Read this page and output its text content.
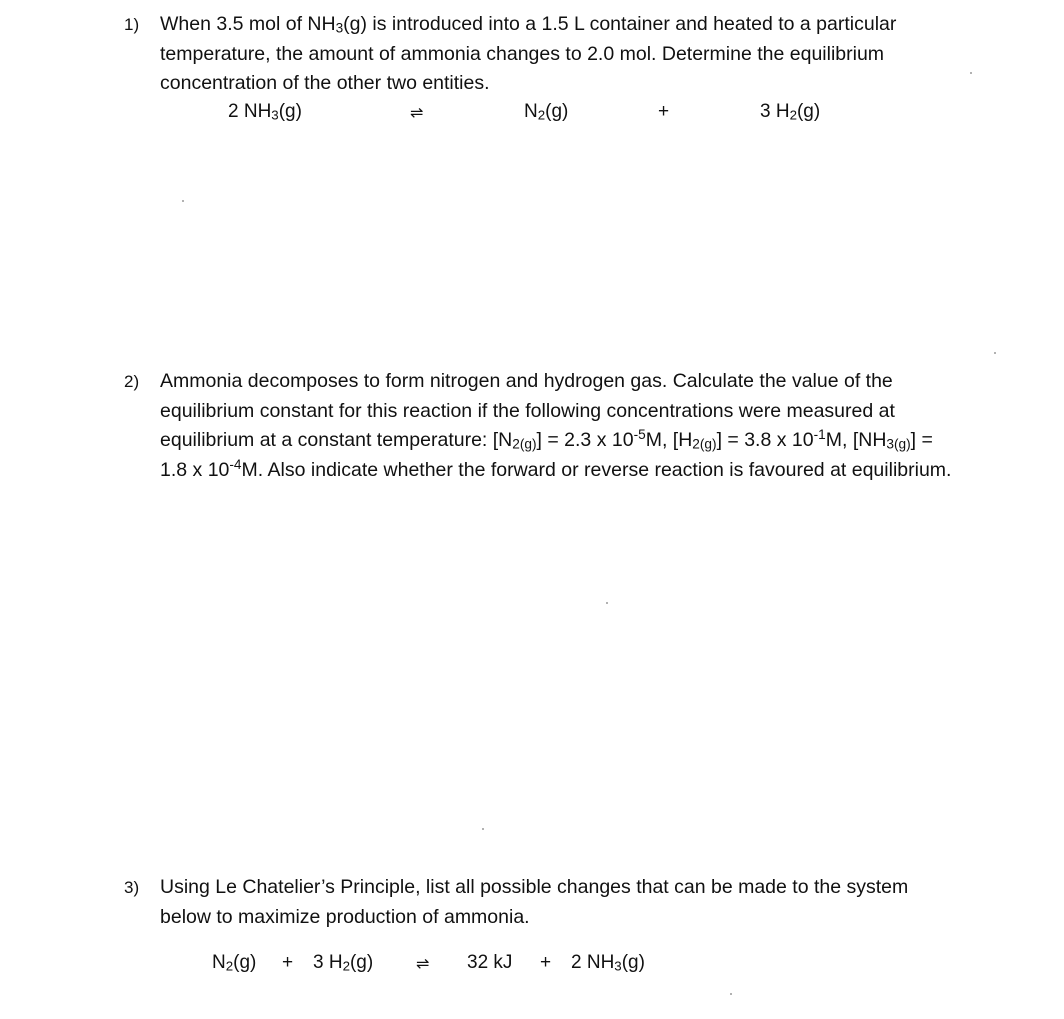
1) When 3.5 mol of $NH_3(g)$ is introduced into a 1.5 L container and heated to a particular temperature, the amount of ammonia changes to 2.0 mol. Determine the equilibrium concentration of the other two entities.
2 $NH_3(g)$	⇌	$N_2(g)$	+	3 $H_2(g)$
2) Ammonia decomposes to form nitrogen and hydrogen gas. Calculate the value of the equilibrium constant for this reaction if the following concentrations were measured at equilibrium at a constant temperature: $[N_{2(g)}] = 2.3$ x $10^{-5}M$, $[H_{2(g)}] = 3.8$ x $10^{-1}M$, $[NH_{3(g)}] = 1.8$ x $10^{-4}M$. Also indicate whether the forward or reverse reaction is favoured at equilibrium.
3) Using Le Chatelier’s Principle, list all possible changes that can be made to the system below to maximize production of ammonia.
$N_2(g) + 3$ $H_2(g)$	⇌ 32 kJ + 2 $NH_3(g)$
